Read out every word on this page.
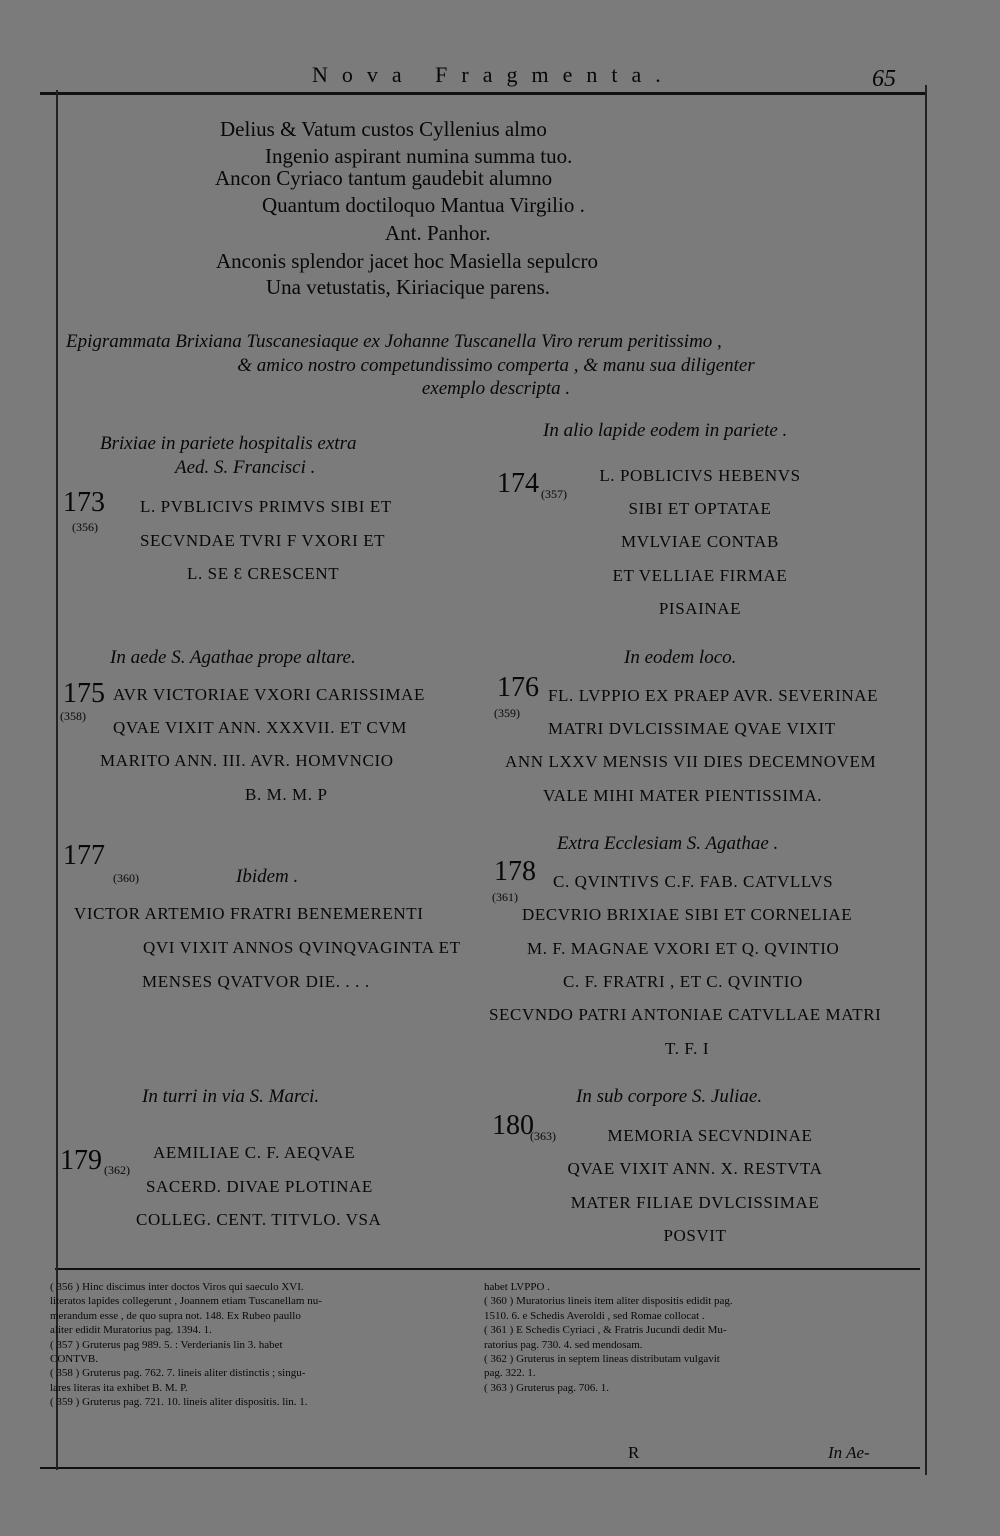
Nova Fragmenta.	65
Delius & Vatum custos Cyllenius almo
Ingenio aspirant numina summa tuo.
Ancon Cyriaco tantum gaudebit alumno
Quantum doctiloquo Mantua Virgilio .
Ant. Panhor.
Anconis splendor jacet hoc Masiella sepulcro
Una vetustatis, Kiriacique parens.
Epigrammata Brixiana Tuscanesiaque ex Johanne Tuscanella Viro rerum peritissimo ,
& amico nostro competundissimo comperta , & manu sua diligenter
exemplo descripta .
Brixiae in pariete hospitalis extra
Aed. S. Francisci .
173
(356)
L. PVBLICIVS PRIMVS SIBI ET
SECVNDAE TVRI F VXORI ET
L. SE Ɛ CRESCENT
In alio lapide eodem in pariete .
174 (357)
L. POBLICIVS HEBENVS
SIBI ET OPTATAE
MVLVIAE CONTAB
ET VELLIAE FIRMAE
PISAINAE
In aede S. Agathae prope altare.
175
(358)
AVR VICTORIAE VXORI CARISSIMAE
QVAE VIXIT ANN. XXXVII. ET CVM
MARITO ANN. III. AVR. HOMVNCIO
B. M. M. P
In eodem loco.
176
(359)
FL. LVPPIO EX PRAEP AVR. SEVERINAE
MATRI DVLCISSIMAE QVAE VIXIT
ANN LXXV MENSIS VII DIES DECEMNOVEM
VALE MIHI MATER PIENTISSIMA.
177
(360)	Ibidem .
VICTOR ARTEMIO FRATRI BENEMERENTI
QVI VIXIT ANNOS QVINQVAGINTA ET
MENSES QVATVOR DIE. . . .
Extra Ecclesiam S. Agathae .
178
(361)
C. QVINTIVS C.F. FAB. CATVLLVS
DECVRIO BRIXIAE SIBI ET CORNELIAE
M. F. MAGNAE VXORI ET Q. QVINTIO
C. F. FRATRI , ET C. QVINTIO
SECVNDO PATRI ANTONIAE CATVLLAE MATRI
T. F. I
In turri in via S. Marci.
179 (362)
AEMILIAE C. F. AEQVAE
SACERD. DIVAE PLOTINAE
COLLEG. CENT. TITVLO. VSA
In sub corpore S. Juliae.
180
(363)	MEMORIA SECVNDINAE
QVAE VIXIT ANN. X. RESTVTA
MATER FILIAE DVLCISSIMAE
POSVIT
( 356 ) Hinc discimus inter doctos Viros qui saeculo XVI.
literatos lapides collegerunt , Joannem etiam Tuscanellam nu-
merandum esse , de quo supra not. 148. Ex Rubeo paullo
aliter edidit Muratorius pag. 1394. 1.
( 357 ) Gruterus pag 989. 5. : Verderianis lin 3. habet
CONTVB.
( 358 ) Gruterus pag. 762. 7. lineis aliter distinctis ; singu-
lares literas ita exhibet B. M. P.
( 359 ) Gruterus pag. 721. 10. lineis aliter dispositis. lin. 1.
habet LVPPO .
( 360 ) Muratorius lineis item aliter dispositis edidit pag.
1510. 6. e Schedis Averoldi , sed Romae collocat .
( 361 ) E Schedis Cyriaci , & Fratris Jucundi dedit Mu-
ratorius pag. 730. 4. sed mendosam.
( 362 ) Gruterus in septem lineas distributam vulgavit
pag. 322. 1.
( 363 ) Gruterus pag. 706. 1.
R	In Ae-
